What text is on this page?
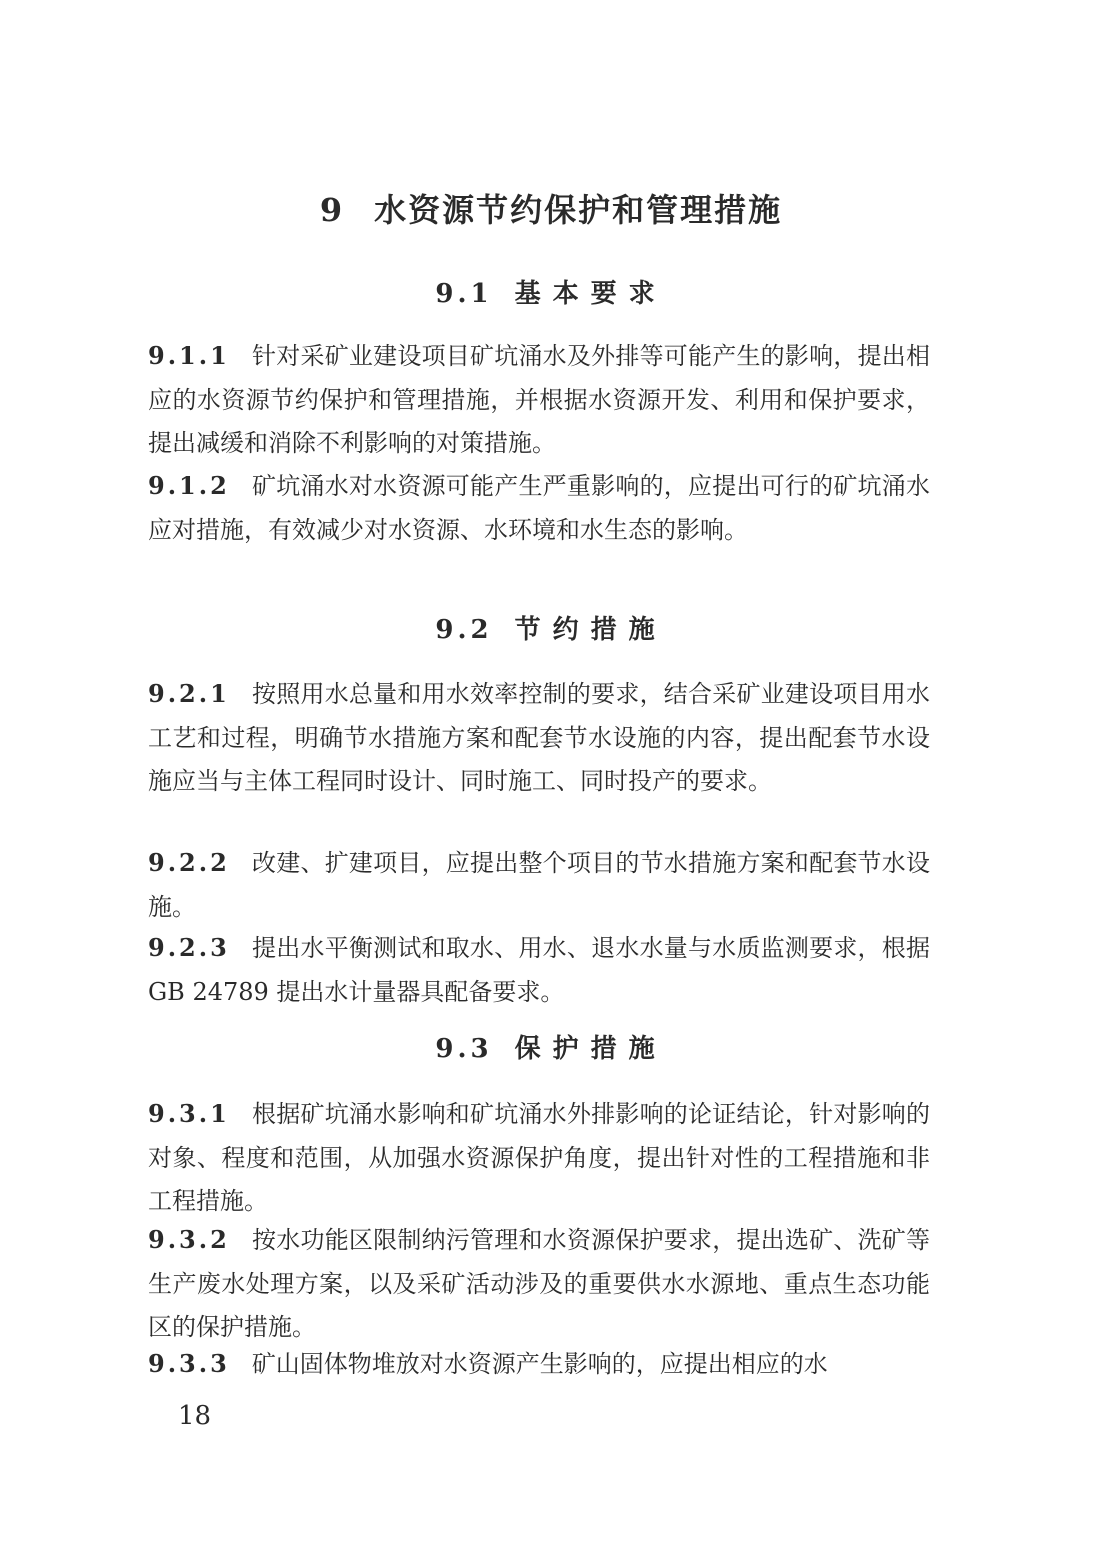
9 水资源节约保护和管理措施
9.1 基本要求
9.1.1 针对采矿业建设项目矿坑涌水及外排等可能产生的影响，提出相应的水资源节约保护和管理措施，并根据水资源开发、利用和保护要求，提出减缓和消除不利影响的对策措施。
9.1.2 矿坑涌水对水资源可能产生严重影响的，应提出可行的矿坑涌水应对措施，有效减少对水资源、水环境和水生态的影响。
9.2 节约措施
9.2.1 按照用水总量和用水效率控制的要求，结合采矿业建设项目用水工艺和过程，明确节水措施方案和配套节水设施的内容，提出配套节水设施应当与主体工程同时设计、同时施工、同时投产的要求。
9.2.2 改建、扩建项目，应提出整个项目的节水措施方案和配套节水设施。
9.2.3 提出水平衡测试和取水、用水、退水水量与水质监测要求，根据 GB 24789 提出水计量器具配备要求。
9.3 保护措施
9.3.1 根据矿坑涌水影响和矿坑涌水外排影响的论证结论，针对影响的对象、程度和范围，从加强水资源保护角度，提出针对性的工程措施和非工程措施。
9.3.2 按水功能区限制纳污管理和水资源保护要求，提出选矿、洗矿等生产废水处理方案，以及采矿活动涉及的重要供水水源地、重点生态功能区的保护措施。
9.3.3 矿山固体物堆放对水资源产生影响的，应提出相应的水
18
